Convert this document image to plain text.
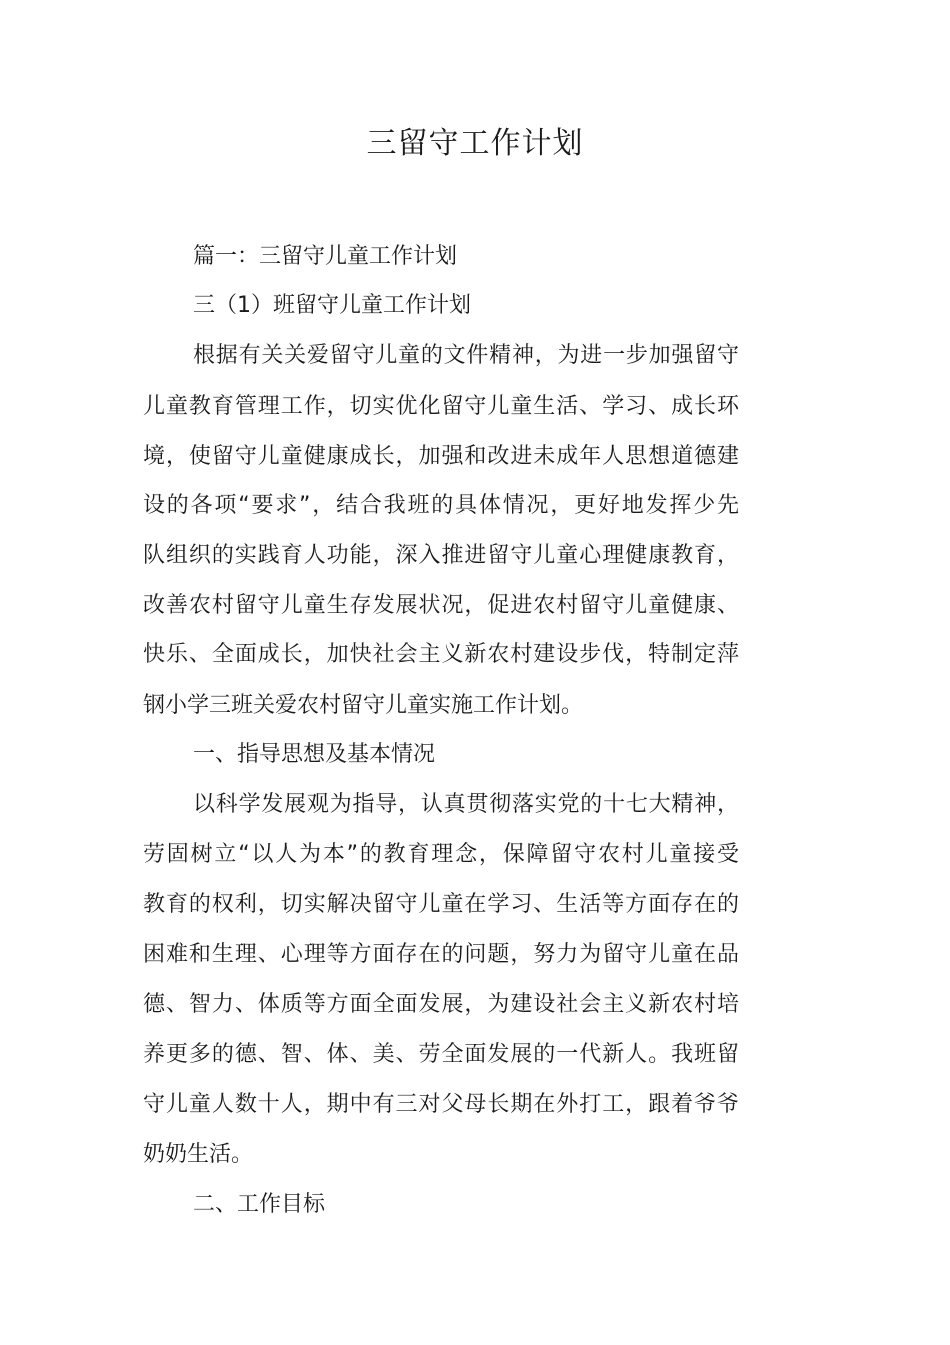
三留守工作计划
篇一：三留守儿童工作计划
三（1）班留守儿童工作计划
根据有关关爱留守儿童的文件精神，为进一步加强留守
儿童教育管理工作，切实优化留守儿童生活、学习、成长环
境，使留守儿童健康成长，加强和改进未成年人思想道德建
设的各项“要求”，结合我班的具体情况，更好地发挥少先
队组织的实践育人功能，深入推进留守儿童心理健康教育，
改善农村留守儿童生存发展状况，促进农村留守儿童健康、
快乐、全面成长，加快社会主义新农村建设步伐，特制定萍
钢小学三班关爱农村留守儿童实施工作计划。
一、指导思想及基本情况
以科学发展观为指导，认真贯彻落实党的十七大精神，
劳固树立“以人为本”的教育理念，保障留守农村儿童接受
教育的权利，切实解决留守儿童在学习、生活等方面存在的
困难和生理、心理等方面存在的问题，努力为留守儿童在品
德、智力、体质等方面全面发展，为建设社会主义新农村培
养更多的德、智、体、美、劳全面发展的一代新人。我班留
守儿童人数十人，期中有三对父母长期在外打工，跟着爷爷
奶奶生活。
二、工作目标
